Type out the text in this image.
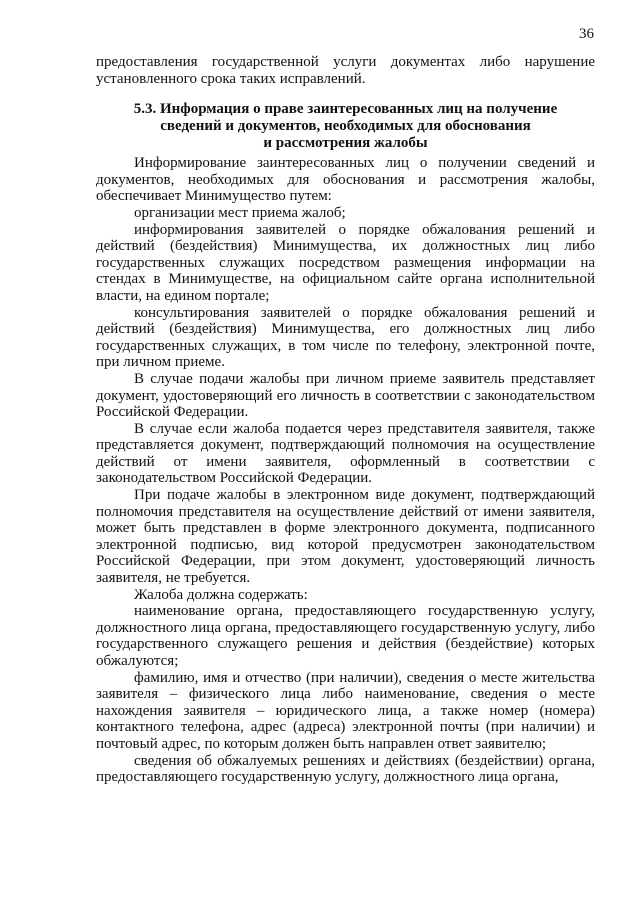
36

предоставления государственной услуги документах либо нарушение установленного срока таких исправлений.

5.3. Информация о праве заинтересованных лиц на получение
сведений и документов, необходимых для обоснования
и рассмотрения жалобы

Информирование заинтересованных лиц о получении сведений и документов, необходимых для обоснования и рассмотрения жалобы, обеспечивает Минимущество путем:

организации мест приема жалоб;

информирования заявителей о порядке обжалования решений и действий (бездействия) Минимущества, их должностных лиц либо государственных служащих посредством размещения информации на стендах в Минимуществе, на официальном сайте органа исполнительной власти, на едином портале;

консультирования заявителей о порядке обжалования решений и действий (бездействия) Минимущества, его должностных лиц либо государственных служащих, в том числе по телефону, электронной почте, при личном приеме.

В случае подачи жалобы при личном приеме заявитель представляет документ, удостоверяющий его личность в соответствии с законодательством Российской Федерации.

В случае если жалоба подается через представителя заявителя, также представляется документ, подтверждающий полномочия на осуществление действий от имени заявителя, оформленный в соответствии с законодательством Российской Федерации.

При подаче жалобы в электронном виде документ, подтверждающий полномочия представителя на осуществление действий от имени заявителя, может быть представлен в форме электронного документа, подписанного электронной подписью, вид которой предусмотрен законодательством Российской Федерации, при этом документ, удостоверяющий личность заявителя, не требуется.

Жалоба должна содержать:

наименование органа, предоставляющего государственную услугу, должностного лица органа, предоставляющего государственную услугу, либо государственного служащего решения и действия (бездействие) которых обжалуются;

фамилию, имя и отчество (при наличии), сведения о месте жительства заявителя – физического лица либо наименование, сведения о месте нахождения заявителя – юридического лица, а также номер (номера) контактного телефона, адрес (адреса) электронной почты (при наличии) и почтовый адрес, по которым должен быть направлен ответ заявителю;

сведения об обжалуемых решениях и действиях (бездействии) органа, предоставляющего государственную услугу, должностного лица органа,
